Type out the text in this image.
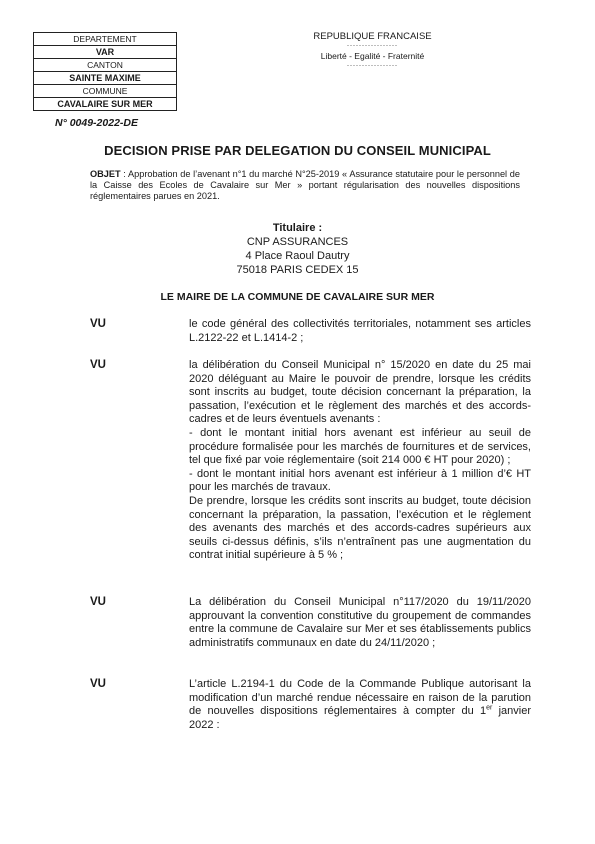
DEPARTEMENT
VAR
CANTON
SAINTE MAXIME
COMMUNE
CAVALAIRE SUR MER
REPUBLIQUE FRANCAISE
-----------------
Liberté - Egalité - Fraternité
-----------------
N° 0049-2022-DE
DECISION PRISE PAR DELEGATION DU CONSEIL MUNICIPAL
OBJET : Approbation de l’avenant n°1 du marché N°25-2019 « Assurance statutaire pour le personnel de la Caisse des Ecoles de Cavalaire sur Mer » portant régularisation des nouvelles dispositions réglementaires parues en 2021.
Titulaire :
CNP ASSURANCES
4 Place Raoul Dautry
75018 PARIS CEDEX 15
LE MAIRE DE LA COMMUNE DE CAVALAIRE SUR MER
VU	le code général des collectivités territoriales, notamment ses articles L.2122-22 et L.1414-2 ;
VU	la délibération du Conseil Municipal n° 15/2020 en date du 25 mai 2020 déléguant au Maire le pouvoir de prendre, lorsque les crédits sont inscrits au budget, toute décision concernant la préparation, la passation, l’exécution et le règlement des marchés et des accords-cadres et de leurs éventuels avenants :
- dont le montant initial hors avenant est inférieur au seuil de procédure formalisée pour les marchés de fournitures et de services, tel que fixé par voie réglementaire (soit 214 000 € HT pour 2020) ;
- dont le montant initial hors avenant est inférieur à 1 million d’€ HT pour les marchés de travaux.
De prendre, lorsque les crédits sont inscrits au budget, toute décision concernant la préparation, la passation, l’exécution et le règlement des avenants des marchés et des accords-cadres supérieurs aux seuils ci-dessus définis, s’ils n’entraînent pas une augmentation du contrat initial supérieure à 5 % ;
VU	La délibération du Conseil Municipal n°117/2020 du 19/11/2020 approuvant la convention constitutive du groupement de commandes entre la commune de Cavalaire sur Mer et ses établissements publics administratifs communaux en date du 24/11/2020 ;
VU	L’article L.2194-1 du Code de la Commande Publique autorisant la modification d’un marché rendue nécessaire en raison de la parution de nouvelles dispositions réglementaires à compter du 1er janvier 2022 :
